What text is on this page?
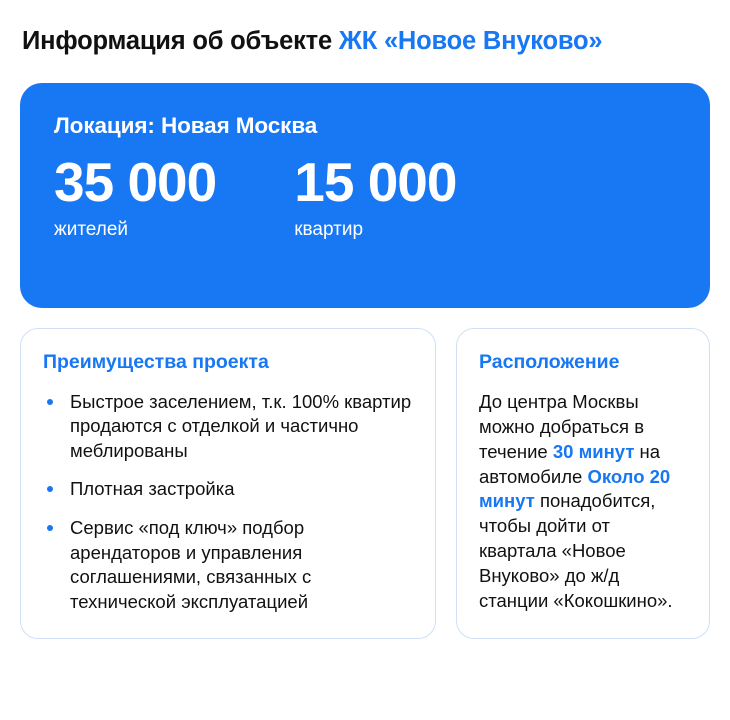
Информация об объекте ЖК «Новое Внуково»
Локация: Новая Москва
35 000
жителей
15 000
квартир
Преимущества проекта
Быстрое заселением, т.к. 100% квартир продаются с отделкой и частично меблированы
Плотная застройка
Сервис «под ключ» подбор арендаторов и управления соглашениями, связанных с технической эксплуатацией
Расположение

До центра Москвы можно добраться в течение 30 минут на автомобиле Около 20 минут понадобится, чтобы дойти от квартала «Новое Внуково» до ж/д станции «Кокошкино».
